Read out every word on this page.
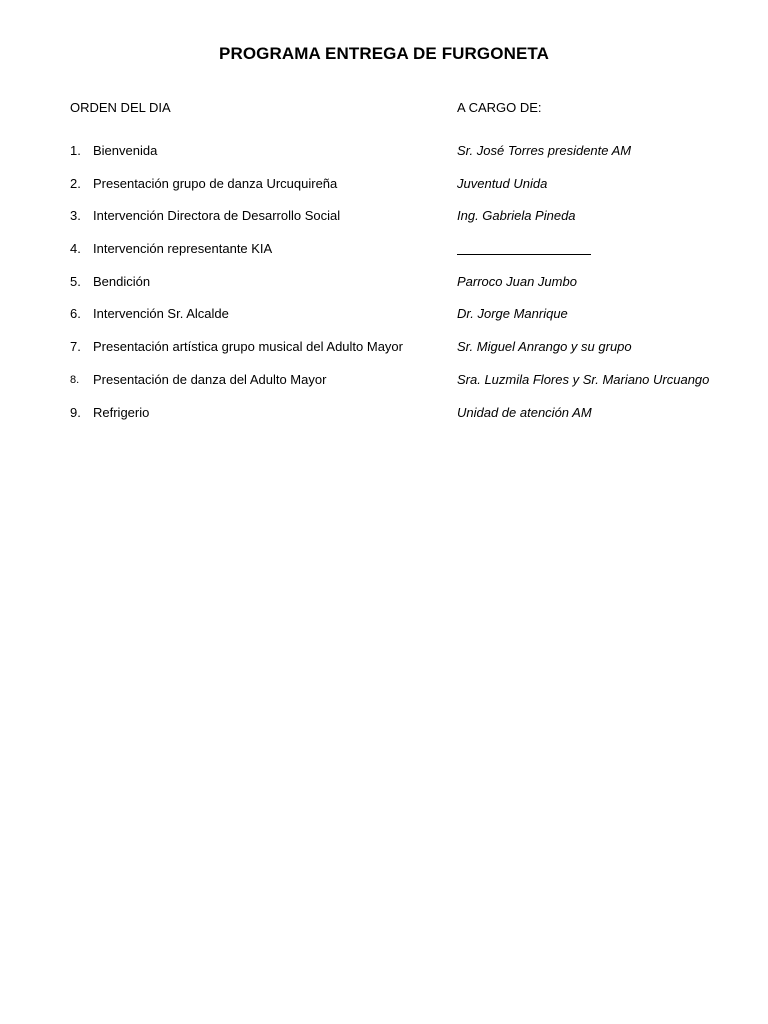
PROGRAMA ENTREGA DE FURGONETA
ORDEN DEL DIA	A CARGO DE:
1. Bienvenida	Sr. José Torres presidente AM
2. Presentación grupo de danza Urcuquireña	Juventud Unida
3. Intervención Directora de Desarrollo Social	Ing. Gabriela Pineda
4. Intervención representante KIA
5. Bendición	Parroco Juan Jumbo
6. Intervención Sr. Alcalde	Dr. Jorge Manrique
7. Presentación artística grupo musical del Adulto Mayor	Sr. Miguel Anrango y su grupo
8. Presentación de danza del Adulto Mayor	Sra. Luzmila Flores y Sr. Mariano Urcuango
9. Refrigerio	Unidad de atención AM
